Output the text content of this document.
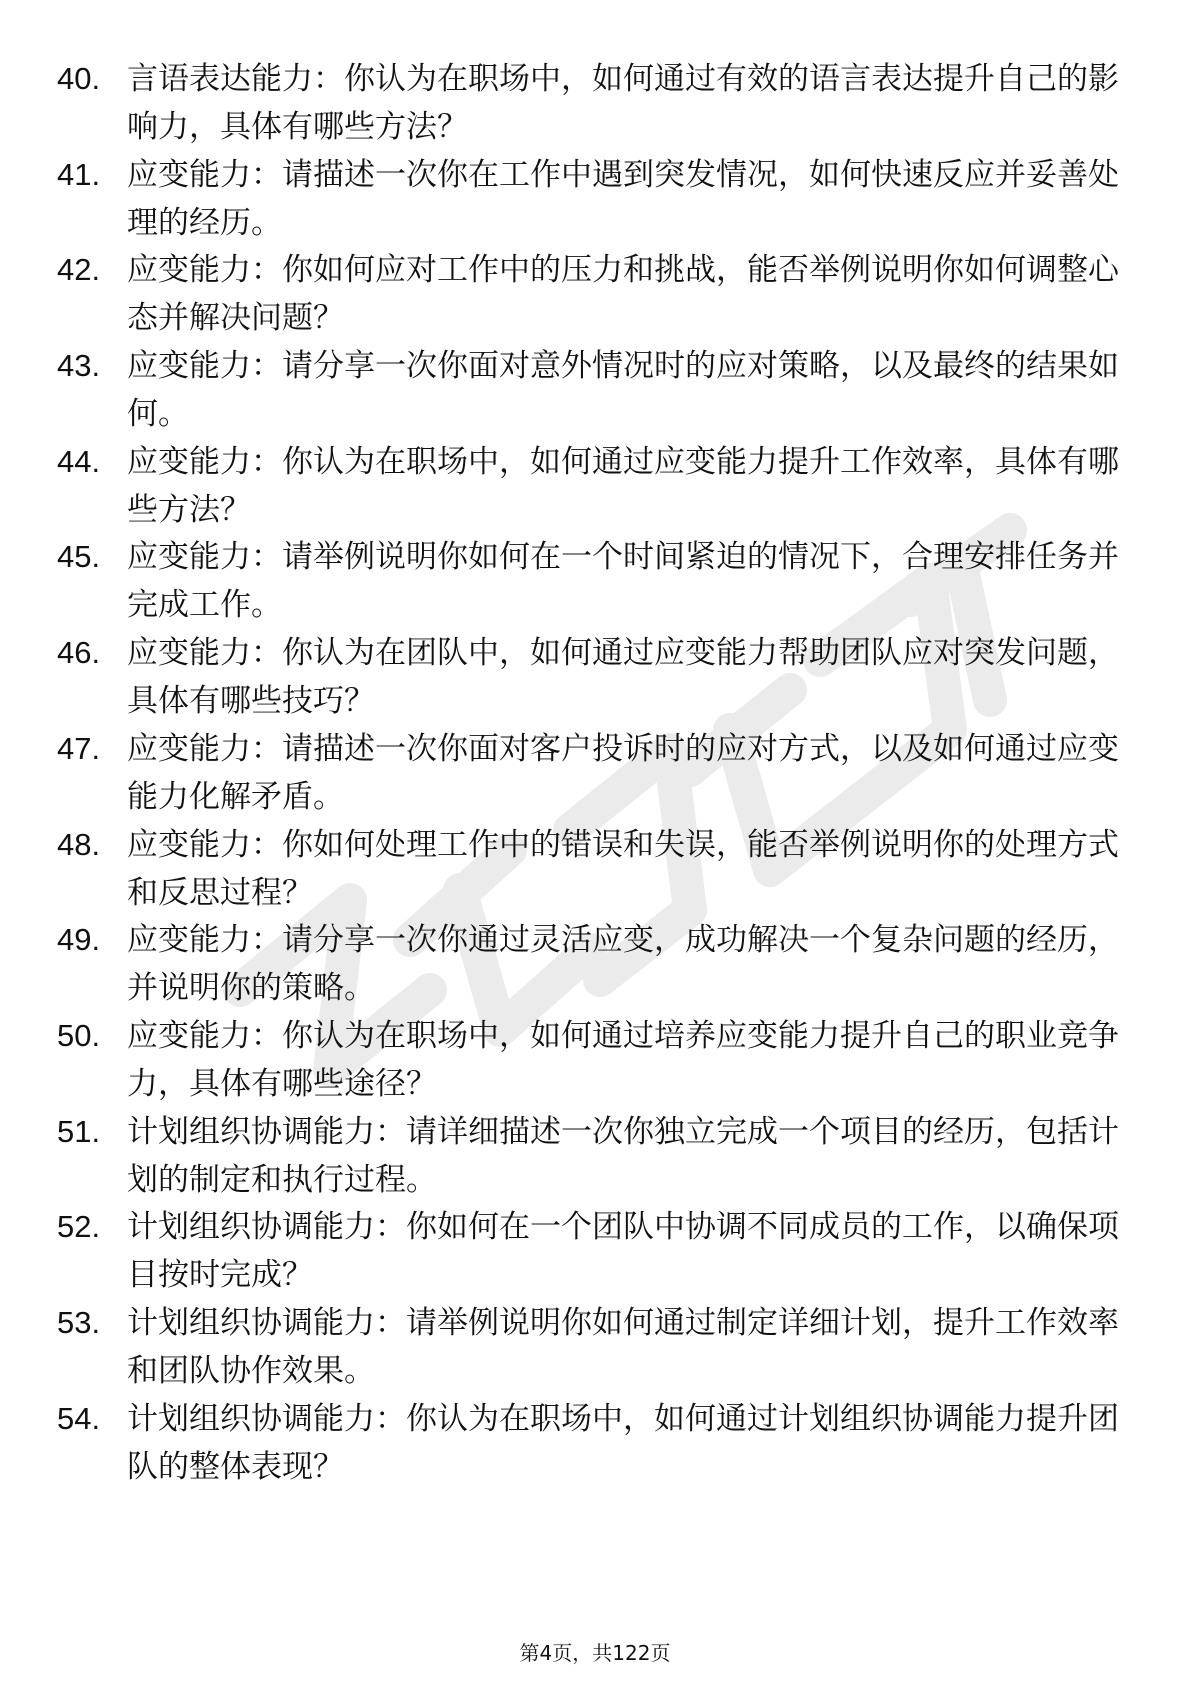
40. 言语表达能力：你认为在职场中，如何通过有效的语言表达提升自己的影响力，具体有哪些方法？

41. 应变能力：请描述一次你在工作中遇到突发情况，如何快速反应并妥善处理的经历。

42. 应变能力：你如何应对工作中的压力和挑战，能否举例说明你如何调整心态并解决问题？

43. 应变能力：请分享一次你面对意外情况时的应对策略，以及最终的结果如何。

44. 应变能力：你认为在职场中，如何通过应变能力提升工作效率，具体有哪些方法？

45. 应变能力：请举例说明你如何在一个时间紧迫的情况下，合理安排任务并完成工作。

46. 应变能力：你认为在团队中，如何通过应变能力帮助团队应对突发问题，具体有哪些技巧？

47. 应变能力：请描述一次你面对客户投诉时的应对方式，以及如何通过应变能力化解矛盾。

48. 应变能力：你如何处理工作中的错误和失误，能否举例说明你的处理方式和反思过程？

49. 应变能力：请分享一次你通过灵活应变，成功解决一个复杂问题的经历，并说明你的策略。

50. 应变能力：你认为在职场中，如何通过培养应变能力提升自己的职业竞争力，具体有哪些途径？

51. 计划组织协调能力：请详细描述一次你独立完成一个项目的经历，包括计划的制定和执行过程。

52. 计划组织协调能力：你如何在一个团队中协调不同成员的工作，以确保项目按时完成？

53. 计划组织协调能力：请举例说明你如何通过制定详细计划，提升工作效率和团队协作效果。

54. 计划组织协调能力：你认为在职场中，如何通过计划组织协调能力提升团队的整体表现？

第4页，共122页
